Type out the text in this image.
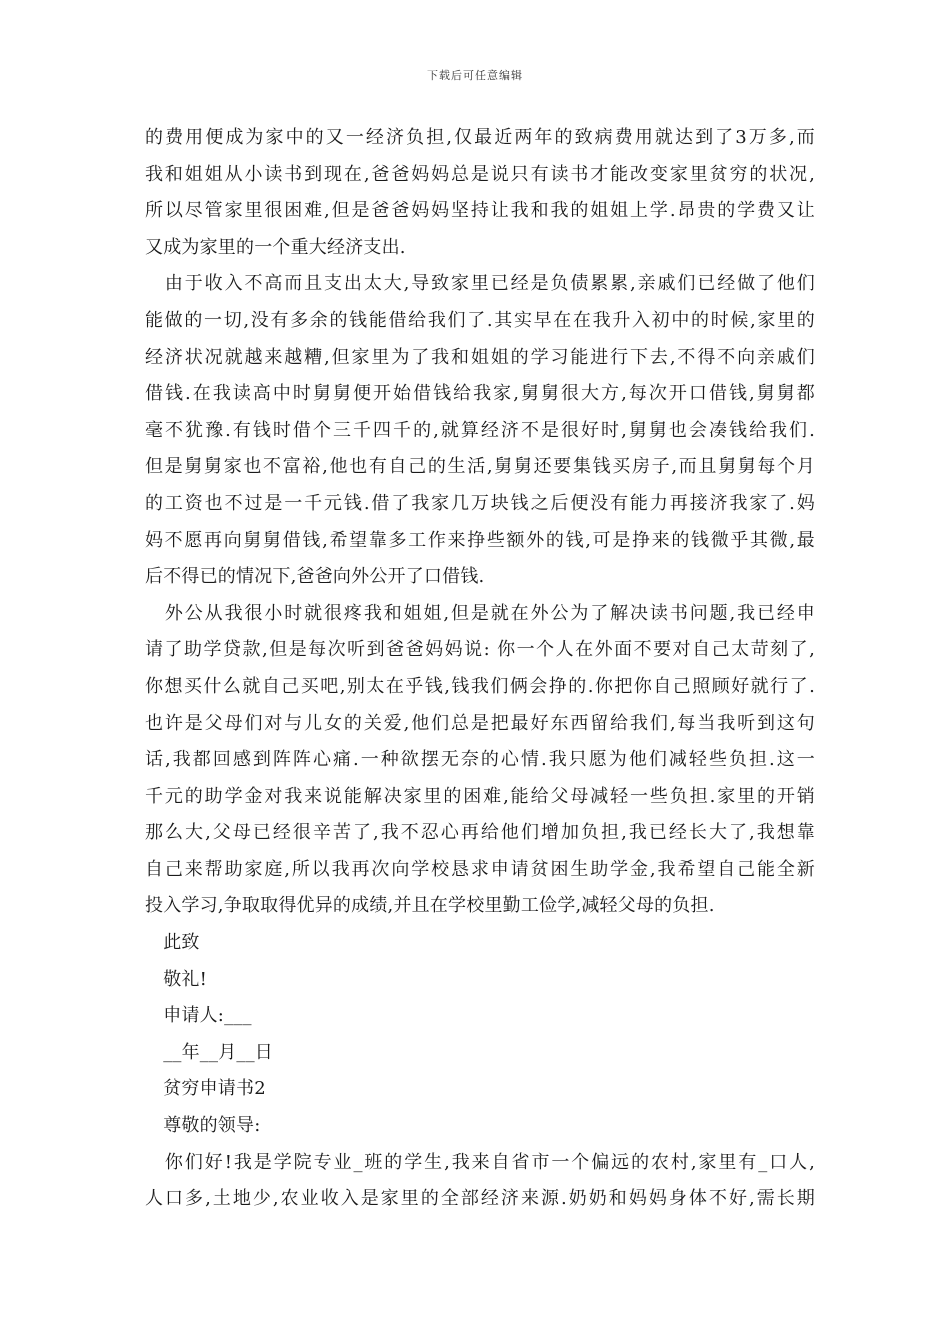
下载后可任意编辑
的费用便成为家中的又一经济负担,仅最近两年的致病费用就达到了3万多,而
我和姐姐从小读书到现在,爸爸妈妈总是说只有读书才能改变家里贫穷的状况,
所以尽管家里很困难,但是爸爸妈妈坚持让我和我的姐姐上学.昂贵的学费又让
又成为家里的一个重大经济支出.
　由于收入不高而且支出太大,导致家里已经是负债累累,亲戚们已经做了他们
能做的一切,没有多余的钱能借给我们了.其实早在在我升入初中的时候,家里的
经济状况就越来越糟,但家里为了我和姐姐的学习能进行下去,不得不向亲戚们
借钱.在我读高中时舅舅便开始借钱给我家,舅舅很大方,每次开口借钱,舅舅都
毫不犹豫.有钱时借个三千四千的,就算经济不是很好时,舅舅也会凑钱给我们.
但是舅舅家也不富裕,他也有自己的生活,舅舅还要集钱买房子,而且舅舅每个月
的工资也不过是一千元钱.借了我家几万块钱之后便没有能力再接济我家了.妈
妈不愿再向舅舅借钱,希望靠多工作来挣些额外的钱,可是挣来的钱微乎其微,最
后不得已的情况下,爸爸向外公开了口借钱.
　外公从我很小时就很疼我和姐姐,但是就在外公为了解决读书问题,我已经申
请了助学贷款,但是每次听到爸爸妈妈说: 你一个人在外面不要对自己太苛刻了,
你想买什么就自己买吧,别太在乎钱,钱我们俩会挣的.你把你自己照顾好就行了.
也许是父母们对与儿女的关爱,他们总是把最好东西留给我们,每当我听到这句
话,我都回感到阵阵心痛.一种欲摆无奈的心情.我只愿为他们减轻些负担.这一
千元的助学金对我来说能解决家里的困难,能给父母减轻一些负担.家里的开销
那么大,父母已经很辛苦了,我不忍心再给他们增加负担,我已经长大了,我想靠
自己来帮助家庭,所以我再次向学校恳求申请贫困生助学金,我希望自己能全新
投入学习,争取取得优异的成绩,并且在学校里勤工俭学,减轻父母的负担.
　此致
　敬礼!
　申请人:___
　__年__月__日
　贫穷申请书2
　尊敬的领导:
　你们好!我是学院专业_班的学生,我来自省市一个偏远的农村,家里有_口人,
人口多,土地少,农业收入是家里的全部经济来源.奶奶和妈妈身体不好,需长期
